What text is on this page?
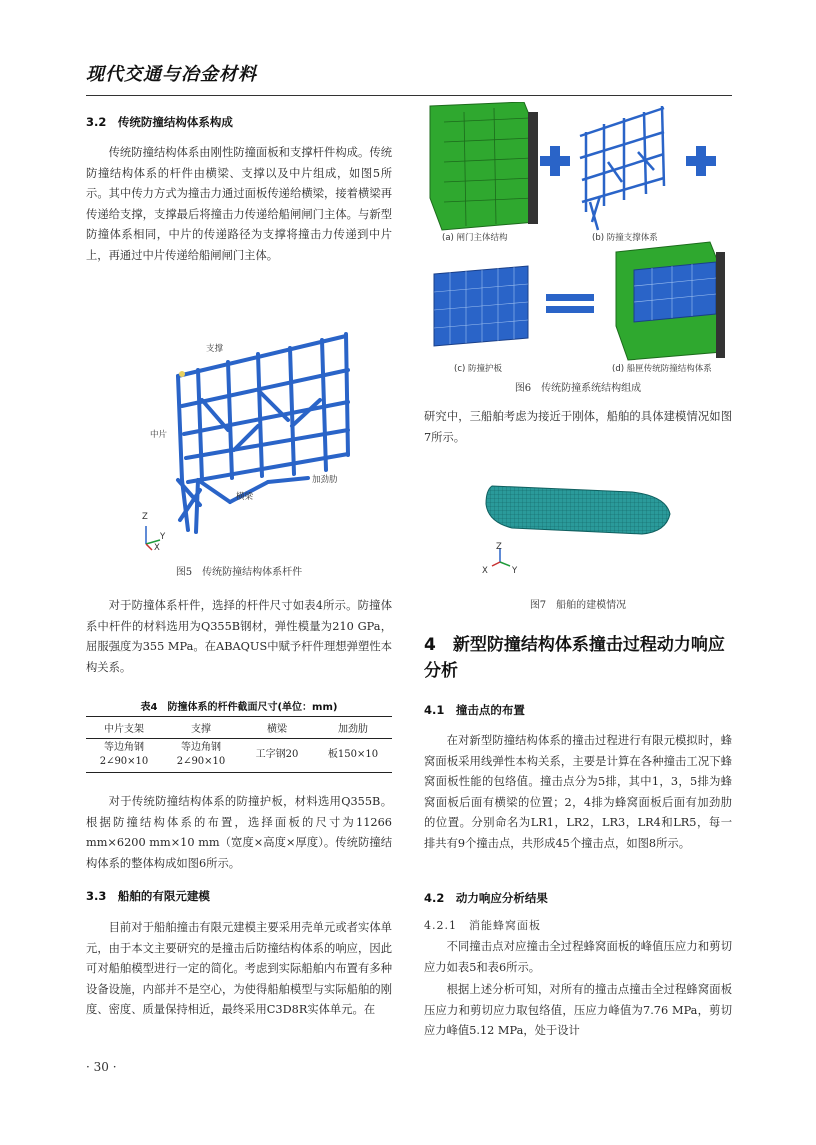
现代交通与冶金材料
3.2　传统防撞结构体系构成

传统防撞结构体系由刚性防撞面板和支撑杆件构成。传统防撞结构体系的杆件由横梁、支撑以及中片组成，如图5所示。其中传力方式为撞击力通过面板传递给横梁，接着横梁再传递给支撑，支撑最后将撞击力传递给船闸闸门主体。与新型防撞体系相同，中片的传递路径为支撑将撞击力传递到中片上，再通过中片传递给船闸闸门主体。

支撑
中片
加劲肋
横梁
Z
Y
X
图5　传统防撞结构体系杆件

对于防撞体系杆件，选择的杆件尺寸如表4所示。防撞体系中杆件的材料选用为Q355B钢材，弹性模量为210 GPa，屈服强度为355 MPa。在ABAQUS中赋予杆件理想弹塑性本构关系。

表4　防撞体系的杆件截面尺寸(单位：mm)
中片支架	支撑	横梁	加劲肋
等边角钢2∠90×10	等边角钢2∠90×10	工字钢20	板150×10

对于传统防撞结构体系的防撞护板，材料选用Q355B。根据防撞结构体系的布置，选择面板的尺寸为11266 mm×6200 mm×10 mm（宽度×高度×厚度）。传统防撞结构体系的整体构成如图6所示。

3.3　船舶的有限元建模

目前对于船舶撞击有限元建模主要采用壳单元或者实体单元，由于本文主要研究的是撞击后防撞结构体系的响应，因此可对船舶模型进行一定的简化。考虑到实际船舶内布置有多种设备设施，内部并不是空心，为使得船舶模型与实际船舶的刚度、密度、质量保持相近，最终采用C3D8R实体单元。在

· 30 ·
(a) 闸门主体结构	(b) 防撞支撑体系
(c) 防撞护板	(d) 船匣传统防撞结构体系
图6　传统防撞系统结构组成

研究中，三船舶考虑为接近于刚体，船舶的具体建模情况如图7所示。

Z
X	Y
图7　船舶的建模情况
4　新型防撞结构体系撞击过程动力响应分析
4.1　撞击点的布置

在对新型防撞结构体系的撞击过程进行有限元模拟时，蜂窝面板采用线弹性本构关系，主要是计算在各种撞击工况下蜂窝面板性能的包络值。撞击点分为5排，其中1，3，5排为蜂窝面板后面有横梁的位置；2，4排为蜂窝面板后面有加劲肋的位置。分别命名为LR1，LR2，LR3，LR4和LR5，每一排共有9个撞击点，共形成45个撞击点，如图8所示。

4.2　动力响应分析结果
4.2.1　消能蜂窝面板

不同撞击点对应撞击全过程蜂窝面板的峰值压应力和剪切应力如表5和表6所示。

根据上述分析可知，对所有的撞击点撞击全过程蜂窝面板压应力和剪切应力取包络值，压应力峰值为7.76 MPa，剪切应力峰值5.12 MPa，处于设计
